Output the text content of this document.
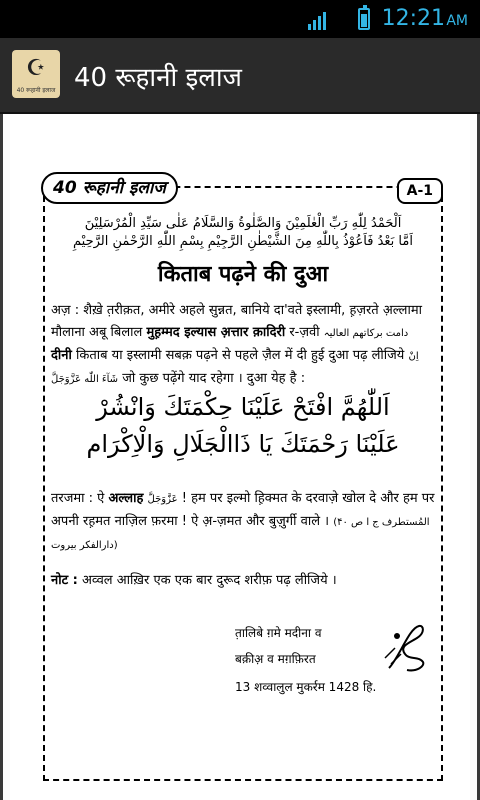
12:21 AM
☪
40 रूहानी इलाज 40 रूहानी इलाज
40 रूहानी इलाज	A-1
اَلْحَمْدُ لِلّٰهِ رَبِّ الْعٰلَمِیْنَ وَالصَّلٰوةُ وَالسَّلَامُ عَلٰی سَیِّدِ الْمُرْسَلِیْنَ
اَمَّا بَعْدُ فَاَعُوْذُ بِاللّٰهِ مِنَ الشَّیْطٰنِ الرَّجِیْمِ بِسْمِ اللّٰهِ الرَّحْمٰنِ الرَّحِیْمِ
किताब पढ़ने की दुआ
अज़ : शैख़े त़रीक़त, अमीरे अहले सुन्नत, बानिये दा'वते इस्लामी, ह़ज़रते अ़ल्लामा मौलाना अबू बिलाल मुह़म्मद इल्यास अ़त्तार क़ादिरी र-ज़वी دامت برکاتھم العالیہ
दीनी किताब या इस्लामी सबक़ पढ़ने से पहले ज़ैल में दी हुई दुआ पढ़ लीजिये اِنْ شَآءَ اللّٰه عَزَّوَجَلَّ जो कुछ पढ़ेंगे याद रहेगा । दुआ येह है :
اَللّٰهُمَّ افْتَحْ عَلَیْنَا حِكْمَتَكَ وَانْشُرْ
عَلَیْنَا رَحْمَتَكَ یَا ذَاالْجَلَالِ وَالْاِكْرَام
तरजमा : ऐ अल्लाह عَزَّوَجَلَّ ! हम पर इल्मो ह़िक्मत के दरवाज़े खोल दे और हम पर अपनी रह़मत नाज़िल फ़रमा ! ऐ अ़-ज़मत और बुज़ुर्गी वाले । (المُستطرف ج ا ص ۴۰ دارالفکر بیروت)
नोट : अव्वल आख़िर एक एक बार दुरूद शरीफ़ पढ़ लीजिये ।
त़ालिबे ग़मे मदीना व
बक़ीअ़ व मग़फ़िरत
13 शव्वालुल मुकर्रम 1428 हि.
